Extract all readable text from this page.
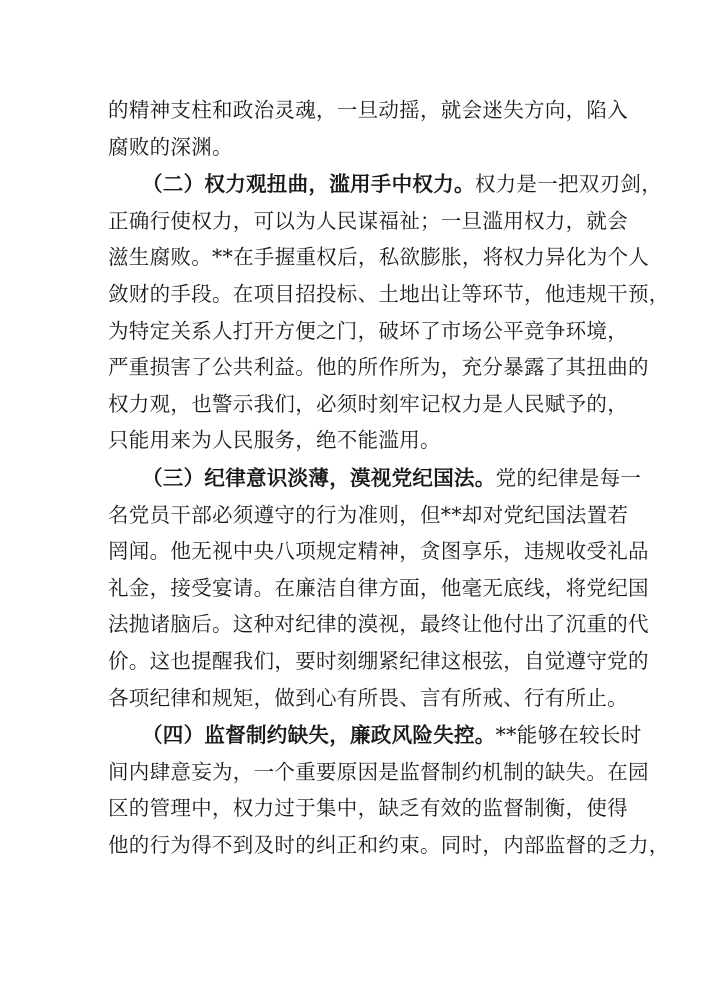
的精神支柱和政治灵魂，一旦动摇，就会迷失方向，陷入
腐败的深渊。
（二）权力观扭曲，滥用手中权力。权力是一把双刃剑，
正确行使权力，可以为人民谋福祉；一旦滥用权力，就会
滋生腐败。**在手握重权后，私欲膨胀，将权力异化为个人
敛财的手段。在项目招投标、土地出让等环节，他违规干预，
为特定关系人打开方便之门，破坏了市场公平竞争环境，
严重损害了公共利益。他的所作所为，充分暴露了其扭曲的
权力观，也警示我们，必须时刻牢记权力是人民赋予的，
只能用来为人民服务，绝不能滥用。
（三）纪律意识淡薄，漠视党纪国法。党的纪律是每一
名党员干部必须遵守的行为准则，但**却对党纪国法置若
罔闻。他无视中央八项规定精神，贪图享乐，违规收受礼品
礼金，接受宴请。在廉洁自律方面，他毫无底线，将党纪国
法抛诸脑后。这种对纪律的漠视，最终让他付出了沉重的代
价。这也提醒我们，要时刻绷紧纪律这根弦，自觉遵守党的
各项纪律和规矩，做到心有所畏、言有所戒、行有所止。
（四）监督制约缺失，廉政风险失控。**能够在较长时
间内肆意妄为，一个重要原因是监督制约机制的缺失。在园
区的管理中，权力过于集中，缺乏有效的监督制衡，使得
他的行为得不到及时的纠正和约束。同时，内部监督的乏力，
